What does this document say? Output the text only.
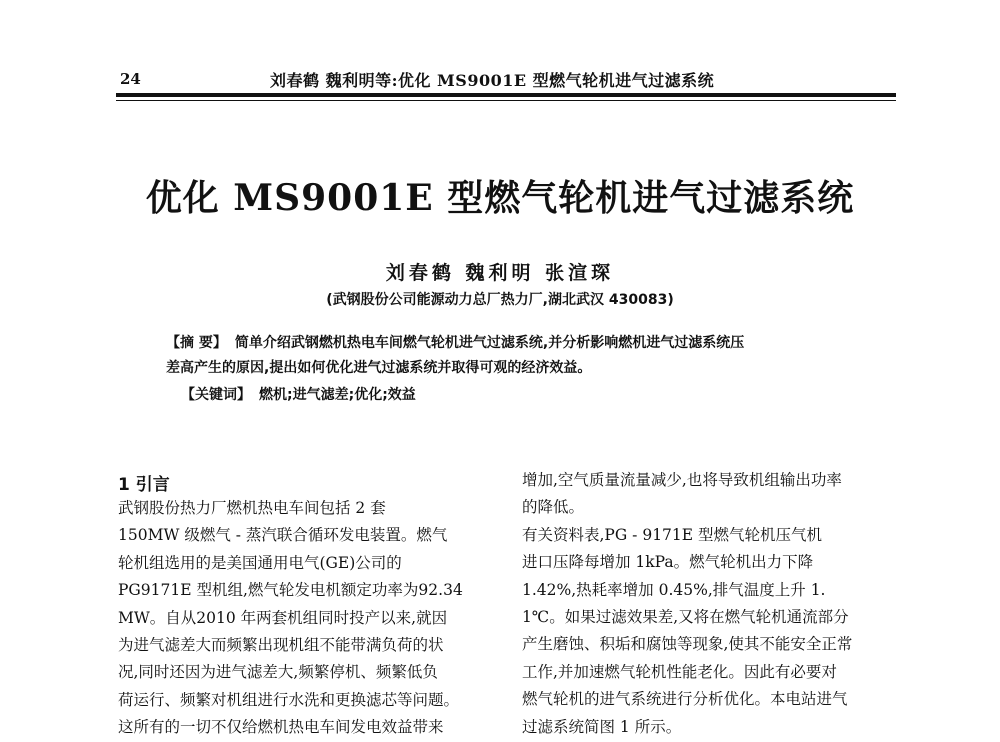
24	刘春鹤 魏利明等:优化 MS9001E 型燃气轮机进气过滤系统
优化 MS9001E 型燃气轮机进气过滤系统
刘春鹤 魏利明 张渲琛
(武钢股份公司能源动力总厂热力厂,湖北武汉 430083)
【摘 要】 简单介绍武钢燃机热电车间燃气轮机进气过滤系统,并分析影响燃机进气过滤系统压
差高产生的原因,提出如何优化进气过滤系统并取得可观的经济效益。
【关键词】 燃机;进气滤差;优化;效益
1 引言
武钢股份热力厂燃机热电车间包括 2 套
150MW 级燃气 - 蒸汽联合循环发电装置。燃气
轮机组选用的是美国通用电气(GE)公司的
PG9171E 型机组,燃气轮发电机额定功率为92.34
MW。自从2010 年两套机组同时投产以来,就因
为进气滤差大而频繁出现机组不能带满负荷的状
况,同时还因为进气滤差大,频繁停机、频繁低负
荷运行、频繁对机组进行水洗和更换滤芯等问题。
这所有的一切不仅给燃机热电车间发电效益带来
增加,空气质量流量减少,也将导致机组输出功率
的降低。
有关资料表,PG - 9171E 型燃气轮机压气机
进口压降每增加 1kPa。燃气轮机出力下降
1.42%,热耗率增加 0.45%,排气温度上升 1.
1℃。如果过滤效果差,又将在燃气轮机通流部分
产生磨蚀、积垢和腐蚀等现象,使其不能安全正常
工作,并加速燃气轮机性能老化。因此有必要对
燃气轮机的进气系统进行分析优化。本电站进气
过滤系统简图 1 所示。
